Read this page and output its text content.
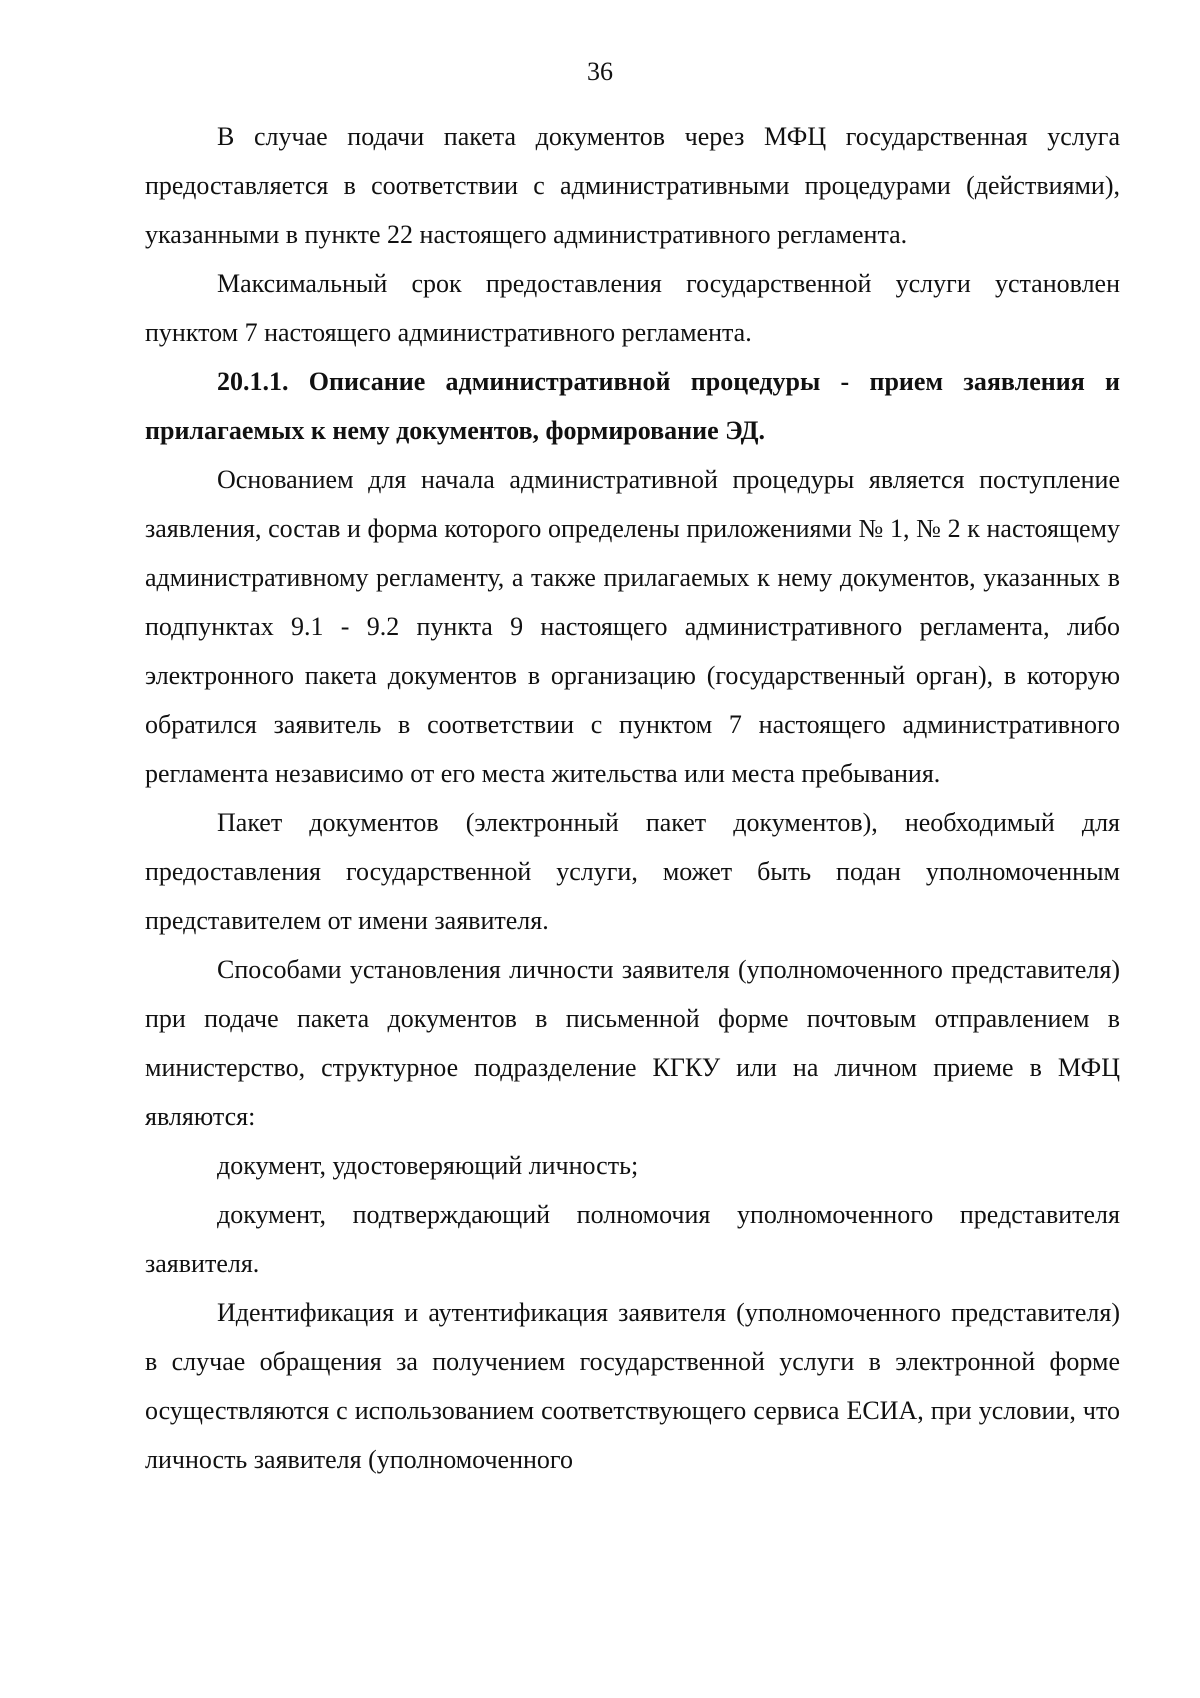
36

В случае подачи пакета документов через МФЦ государственная услуга предоставляется в соответствии с административными процедурами (действиями), указанными в пункте 22 настоящего административного регламента.

Максимальный срок предоставления государственной услуги установлен пунктом 7 настоящего административного регламента.

20.1.1. Описание административной процедуры - прием заявления и прилагаемых к нему документов, формирование ЭД.

Основанием для начала административной процедуры является поступление заявления, состав и форма которого определены приложениями № 1, № 2 к настоящему административному регламенту, а также прилагаемых к нему документов, указанных в подпунктах 9.1 - 9.2 пункта 9 настоящего административного регламента, либо электронного пакета документов в организацию (государственный орган), в которую обратился заявитель в соответствии с пунктом 7 настоящего административного регламента независимо от его места жительства или места пребывания.

Пакет документов (электронный пакет документов), необходимый для предоставления государственной услуги, может быть подан уполномоченным представителем от имени заявителя.

Способами установления личности заявителя (уполномоченного представителя) при подаче пакета документов в письменной форме почтовым отправлением в министерство, структурное подразделение КГКУ или на личном приеме в МФЦ являются:

документ, удостоверяющий личность;

документ, подтверждающий полномочия уполномоченного представителя заявителя.

Идентификация и аутентификация заявителя (уполномоченного представителя) в случае обращения за получением государственной услуги в электронной форме осуществляются с использованием соответствующего сервиса ЕСИА, при условии, что личность заявителя (уполномоченного
